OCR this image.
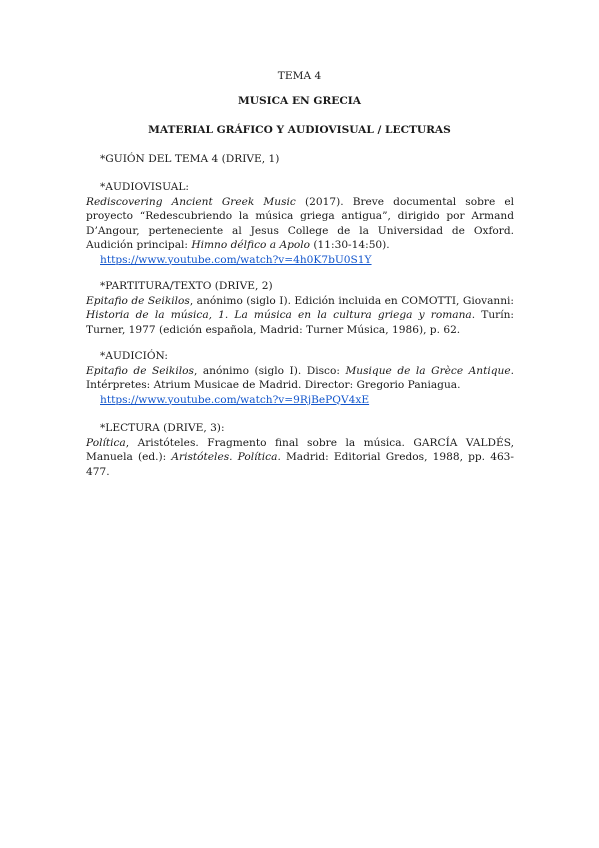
TEMA 4
MUSICA EN GRECIA
MATERIAL GRÁFICO Y AUDIOVISUAL / LECTURAS
*GUIÓN DEL TEMA 4 (DRIVE, 1)
*AUDIOVISUAL:
Rediscovering Ancient Greek Music (2017). Breve documental sobre el proyecto “Redescubriendo la música griega antigua”, dirigido por Armand D’Angour, perteneciente al Jesus College de la Universidad de Oxford. Audición principal: Himno délfico a Apolo (11:30-14:50).
https://www.youtube.com/watch?v=4h0K7bU0S1Y
*PARTITURA/TEXTO (DRIVE, 2)
Epitafio de Seikilos, anónimo (siglo I). Edición incluida en COMOTTI, Giovanni: Historia de la música, 1. La música en la cultura griega y romana. Turín: Turner, 1977 (edición española, Madrid: Turner Música, 1986), p. 62.
*AUDICIÓN:
Epitafio de Seikilos, anónimo (siglo I). Disco: Musique de la Grèce Antique. Intérpretes: Atrium Musicae de Madrid. Director: Gregorio Paniagua.
https://www.youtube.com/watch?v=9RjBePQV4xE
*LECTURA (DRIVE, 3):
Política, Aristóteles. Fragmento final sobre la música. GARCÍA VALDÉS, Manuela (ed.): Aristóteles. Política. Madrid: Editorial Gredos, 1988, pp. 463-477.
